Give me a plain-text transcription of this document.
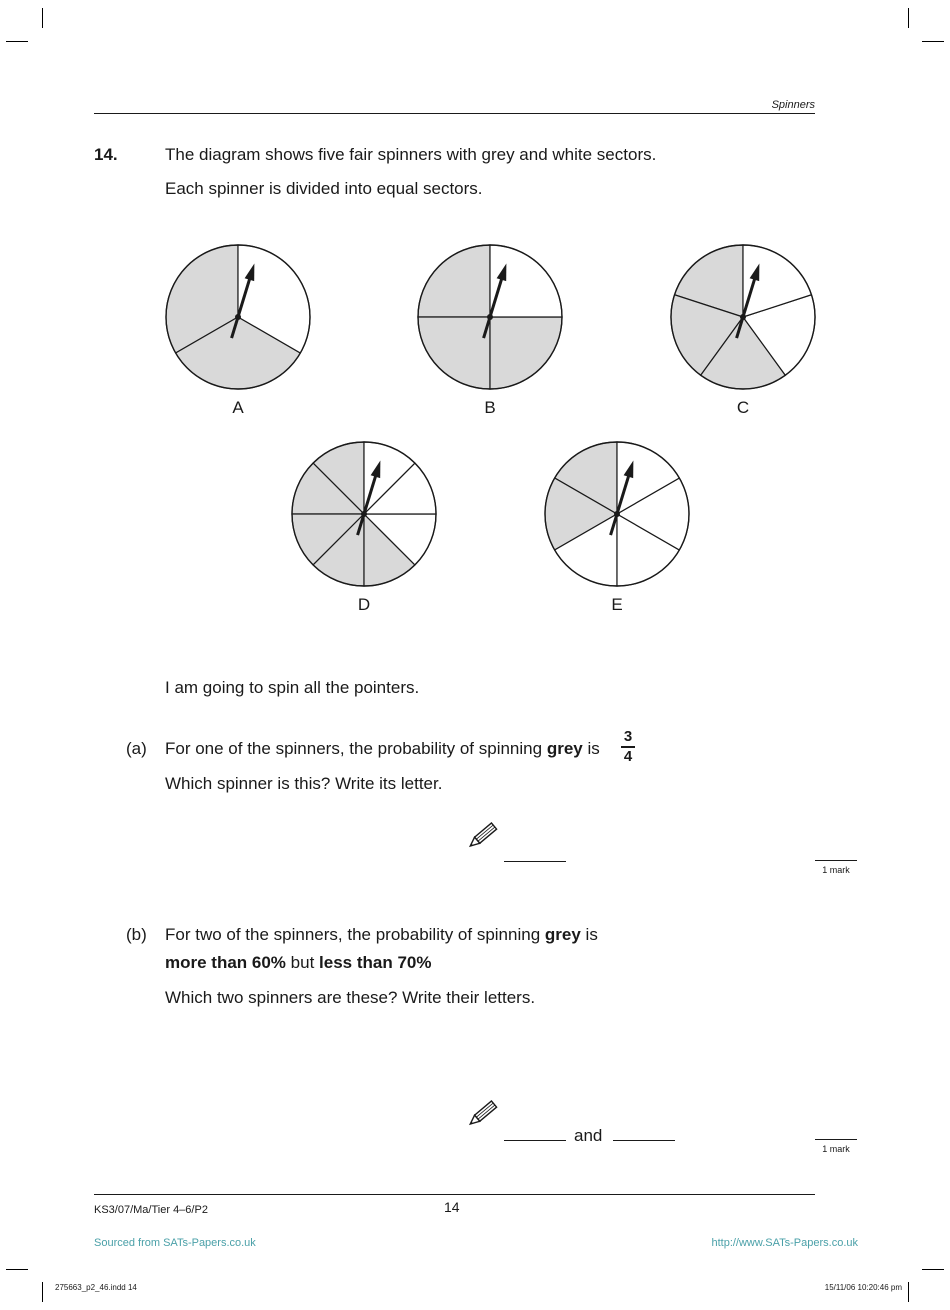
Spinners
14.	The diagram shows five fair spinners with grey and white sectors.
Each spinner is divided into equal sectors.
A	B	C
D	E
I am going to spin all the pointers.
(a) For one of the spinners, the probability of spinning grey is
3
4
Which spinner is this? Write its letter.
1 mark
(b) For two of the spinners, the probability of spinning grey is
more than 60% but less than 70%
Which two spinners are these? Write their letters.
and
1 mark
KS3/07/Ma/Tier 4–6/P2	14
Sourced from SATs-Papers.co.uk	http://www.SATs-Papers.co.uk
275663_p2_46.indd 14	15/11/06 10:20:46 pm
